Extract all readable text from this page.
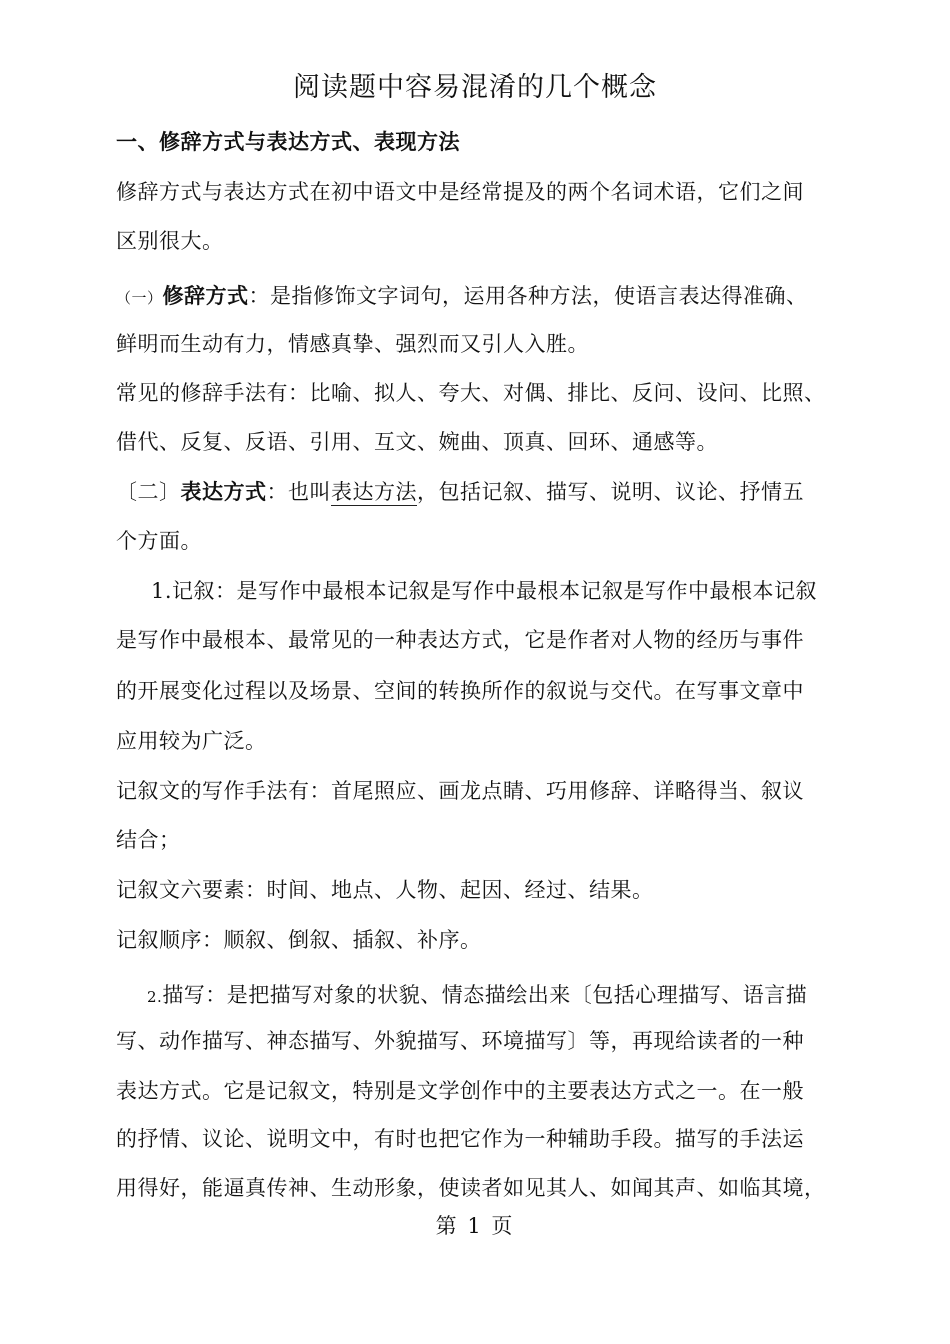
阅读题中容易混淆的几个概念
一、修辞方式与表达方式、表现方法
修辞方式与表达方式在初中语文中是经常提及的两个名词术语，它们之间
区别很大。
（一）修辞方式：是指修饰文字词句，运用各种方法，使语言表达得准确、
鲜明而生动有力，情感真挚、强烈而又引人入胜。
常见的修辞手法有：比喻、拟人、夸大、对偶、排比、反问、设问、比照、
借代、反复、反语、引用、互文、婉曲、顶真、回环、通感等。
〔二〕表达方式：也叫表达方法，包括记叙、描写、说明、议论、抒情五
个方面。
1.记叙：是写作中最根本记叙是写作中最根本记叙是写作中最根本记叙
是写作中最根本、最常见的一种表达方式，它是作者对人物的经历与事件
的开展变化过程以及场景、空间的转换所作的叙说与交代。在写事文章中
应用较为广泛。
记叙文的写作手法有：首尾照应、画龙点睛、巧用修辞、详略得当、叙议
结合；
记叙文六要素：时间、地点、人物、起因、经过、结果。
记叙顺序：顺叙、倒叙、插叙、补序。
2.描写：是把描写对象的状貌、情态描绘出来〔包括心理描写、语言描
写、动作描写、神态描写、外貌描写、环境描写〕等，再现给读者的一种
表达方式。它是记叙文，特别是文学创作中的主要表达方式之一。在一般
的抒情、议论、说明文中，有时也把它作为一种辅助手段。描写的手法运
用得好，能逼真传神、生动形象，使读者如见其人、如闻其声、如临其境，
第 1 页
